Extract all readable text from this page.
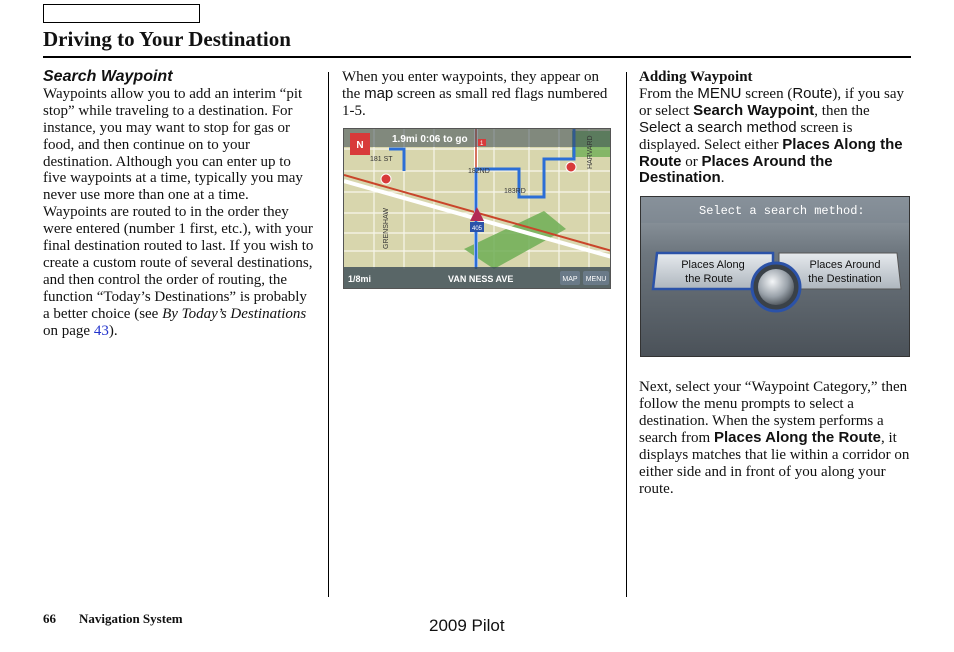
Driving to Your Destination

Search Waypoint

Waypoints allow you to add an interim “pit stop” while traveling to a destination. For instance, you may want to stop for gas or food, and then continue on to your destination. Although you can enter up to five waypoints at a time, typically you may never use more than one at a time. Waypoints are routed to in the order they were entered (number 1 first, etc.), with your final destination routed to last. If you wish to create a custom route of several destinations, and then control the order of routing, the function “Today’s Destinations” is probably a better choice (see By Today’s Destinations on page 43).

When you enter waypoints, they appear on the map screen as small red flags numbered 1-5.

N
1.9mi 0:06 to go 1
405
182ND
183RD
181 ST
GRENSHAW
HARVARD
1/8mi	VAN NESS AVE	MAP MENU

Adding Waypoint

From the MENU screen (Route), if you say or select Search Waypoint, then the Select a search method screen is displayed. Select either Places Along the Route or Places Around the Destination.

Next, select your “Waypoint Category,” then follow the menu prompts to select a destination. When the system performs a search from Places Along the Route, it displays matches that lie within a corridor on either side and in front of you along your route.

Select a search method:
Places Along
the Route
Places Around
the Destination
66 Navigation System	2009 Pilot
